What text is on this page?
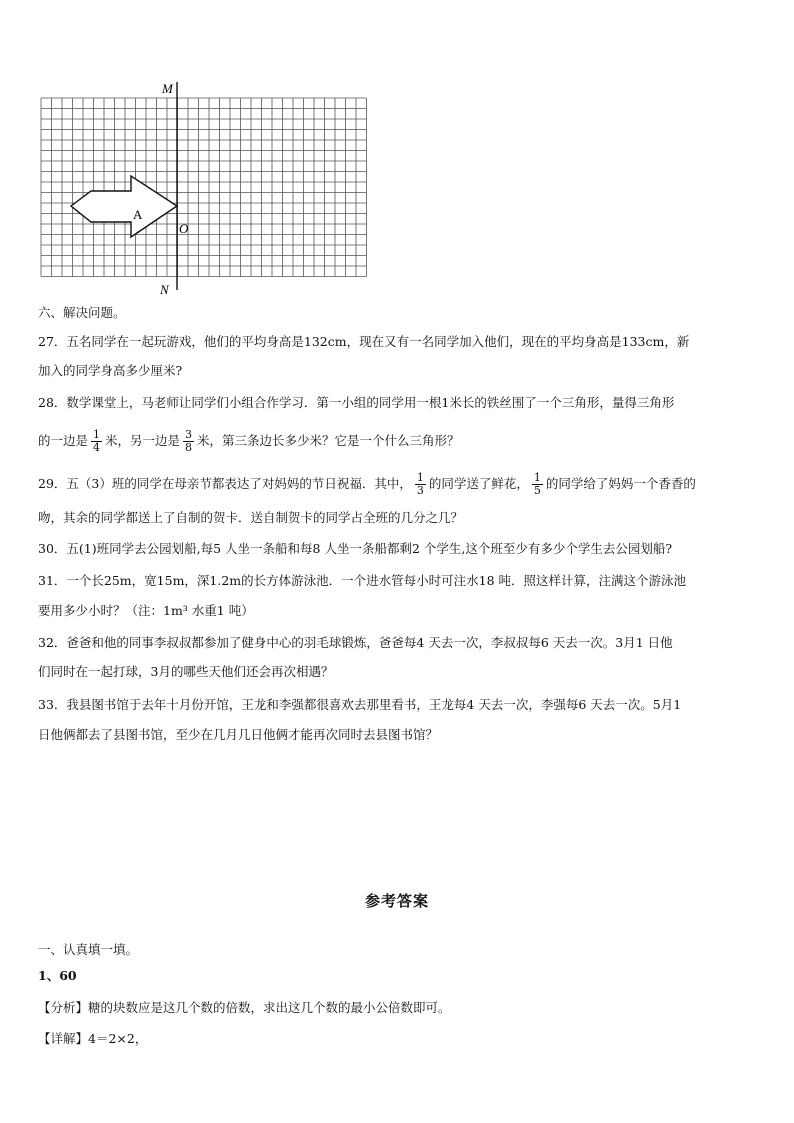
M
N
O
A
六、解决问题。
27．五名同学在一起玩游戏，他们的平均身高是132cm，现在又有一名同学加入他们，现在的平均身高是133cm，新
加入的同学身高多少厘米?
28．数学课堂上，马老师让同学们小组合作学习．第一小组的同学用一根1米长的铁丝围了一个三角形，量得三角形
的一边是 $\frac{1}{4}$ 米，另一边是 $\frac{3}{8}$ 米，第三条边长多少米？它是一个什么三角形？
29．五（3）班的同学在母亲节都表达了对妈妈的节日祝福．其中， $\frac{1}{3}$ 的同学送了鲜花， $\frac{1}{5}$ 的同学给了妈妈一个香香的
吻，其余的同学都送上了自制的贺卡．送自制贺卡的同学占全班的几分之几？
30．五(1)班同学去公园划船,每5 人坐一条船和每8 人坐一条船都剩2 个学生,这个班至少有多少个学生去公园划船?
31．一个长25m，宽15m，深1.2m的长方体游泳池．一个进水管每小时可注水18 吨．照这样计算，注满这个游泳池
要用多少小时？（注：1m³ 水重1 吨）
32．爸爸和他的同事李叔叔都参加了健身中心的羽毛球锻炼，爸爸每4 天去一次，李叔叔每6 天去一次。3月1 日他
们同时在一起打球，3月的哪些天他们还会再次相遇？
33．我县图书馆于去年十月份开馆，王龙和李强都很喜欢去那里看书，王龙每4 天去一次，李强每6 天去一次。5月1
日他俩都去了县图书馆，至少在几月几日他俩才能再次同时去县图书馆？
参考答案
一、认真填一填。
1、60
【分析】糖的块数应是这几个数的倍数，求出这几个数的最小公倍数即可。
【详解】4＝2×2，
